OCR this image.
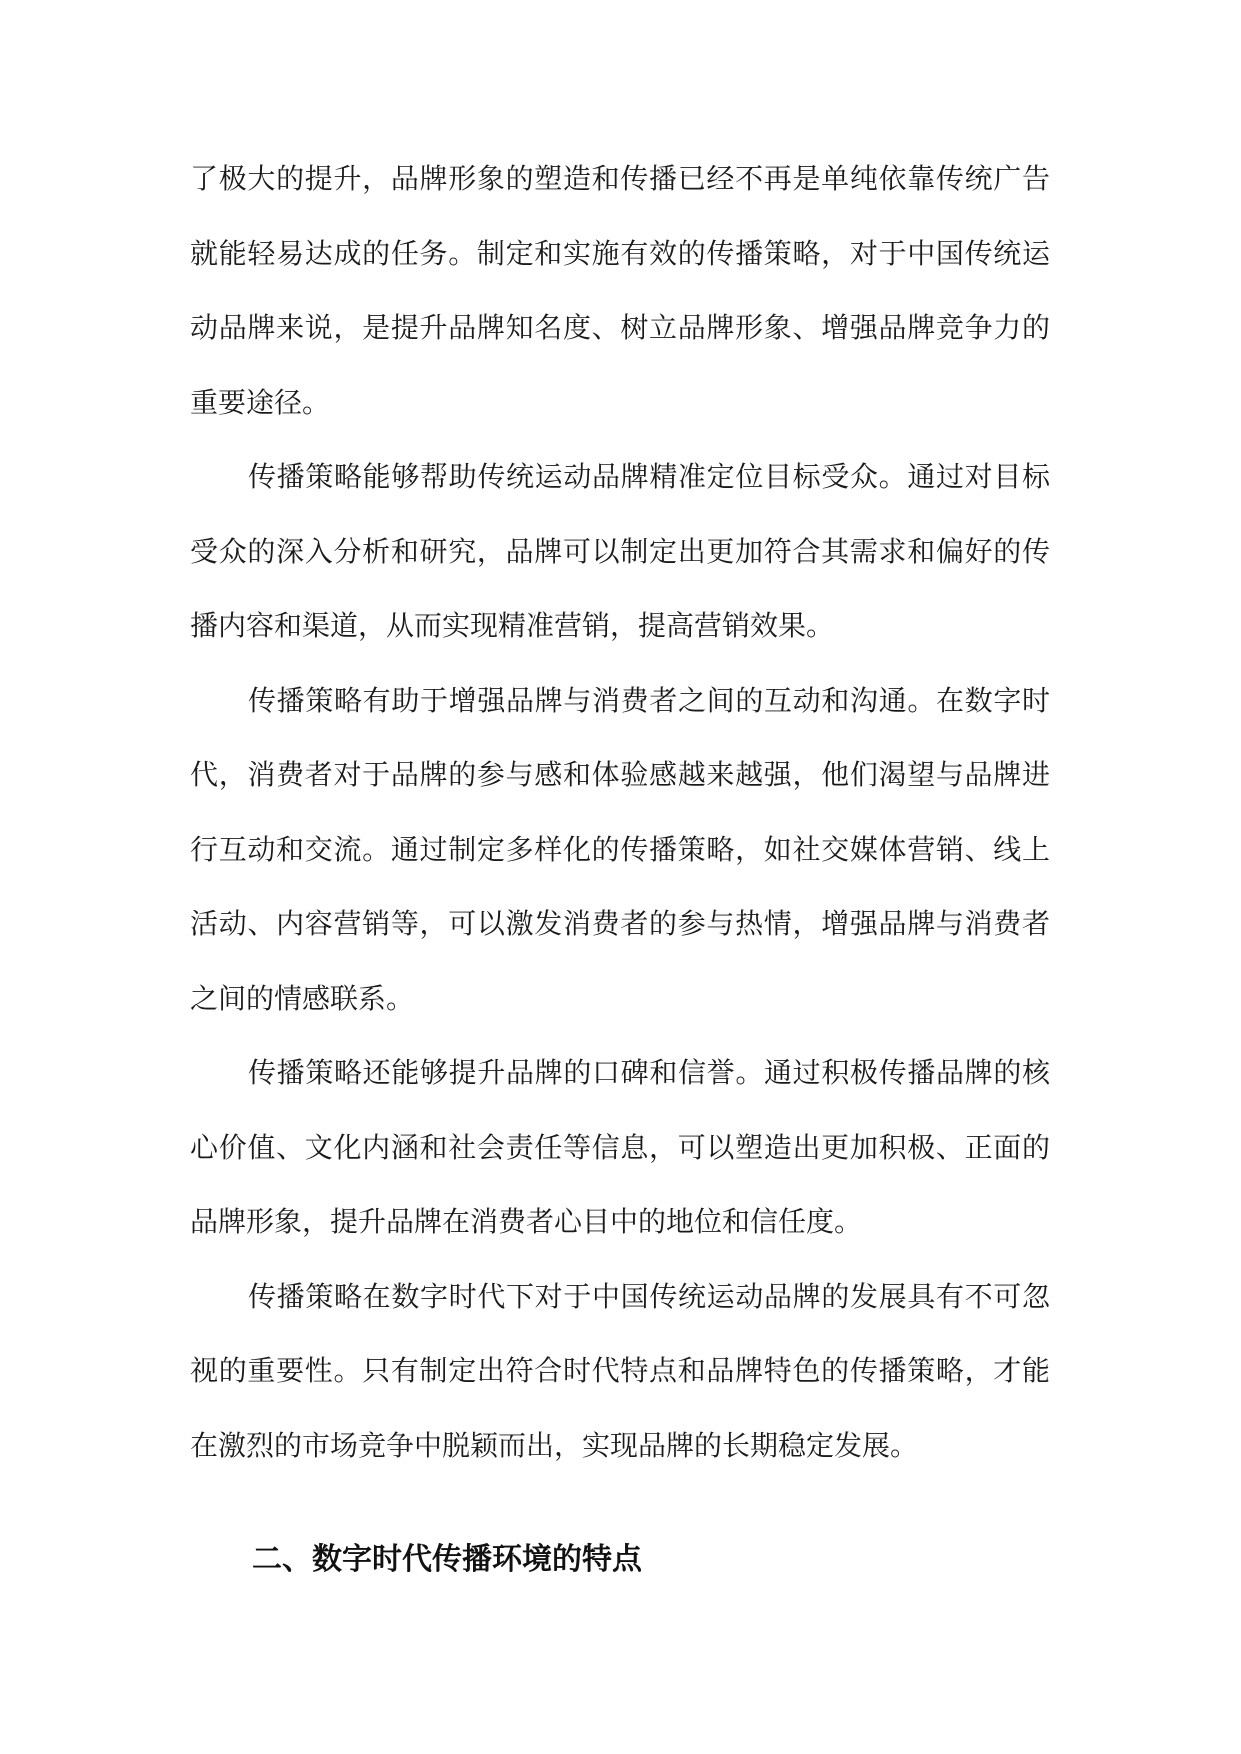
了极大的提升，品牌形象的塑造和传播已经不再是单纯依靠传统广告就能轻易达成的任务。制定和实施有效的传播策略，对于中国传统运动品牌来说，是提升品牌知名度、树立品牌形象、增强品牌竞争力的重要途径。

传播策略能够帮助传统运动品牌精准定位目标受众。通过对目标受众的深入分析和研究，品牌可以制定出更加符合其需求和偏好的传播内容和渠道，从而实现精准营销，提高营销效果。

传播策略有助于增强品牌与消费者之间的互动和沟通。在数字时代，消费者对于品牌的参与感和体验感越来越强，他们渴望与品牌进行互动和交流。通过制定多样化的传播策略，如社交媒体营销、线上活动、内容营销等，可以激发消费者的参与热情，增强品牌与消费者之间的情感联系。

传播策略还能够提升品牌的口碑和信誉。通过积极传播品牌的核心价值、文化内涵和社会责任等信息，可以塑造出更加积极、正面的品牌形象，提升品牌在消费者心目中的地位和信任度。

传播策略在数字时代下对于中国传统运动品牌的发展具有不可忽视的重要性。只有制定出符合时代特点和品牌特色的传播策略，才能在激烈的市场竞争中脱颖而出，实现品牌的长期稳定发展。

二、数字时代传播环境的特点
